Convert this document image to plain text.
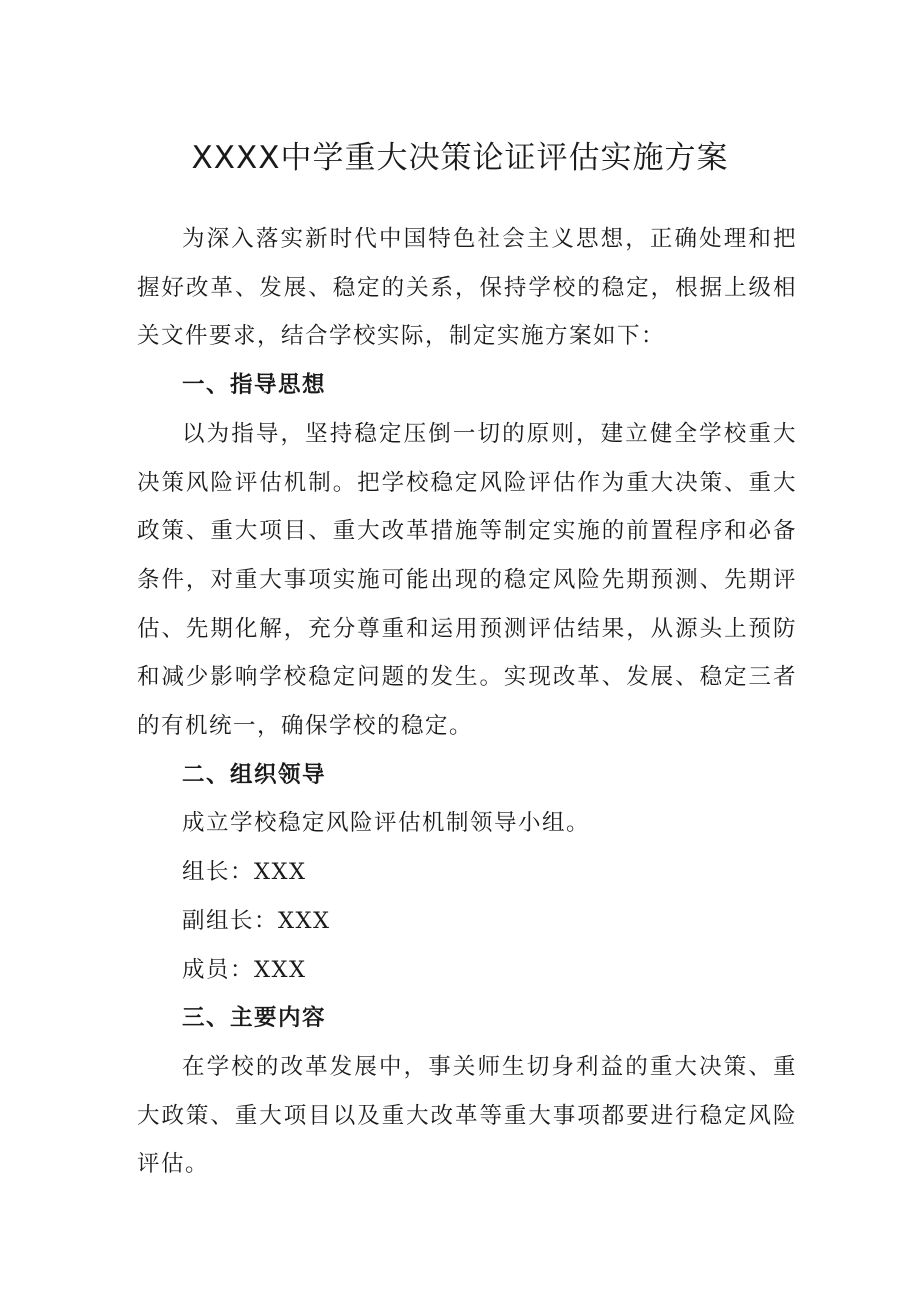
XXXX中学重大决策论证评估实施方案

为深入落实新时代中国特色社会主义思想，正确处理和把握好改革、发展、稳定的关系，保持学校的稳定，根据上级相关文件要求，结合学校实际，制定实施方案如下：

一、指导思想

以为指导，坚持稳定压倒一切的原则，建立健全学校重大决策风险评估机制。把学校稳定风险评估作为重大决策、重大政策、重大项目、重大改革措施等制定实施的前置程序和必备条件，对重大事项实施可能出现的稳定风险先期预测、先期评估、先期化解，充分尊重和运用预测评估结果，从源头上预防和减少影响学校稳定问题的发生。实现改革、发展、稳定三者的有机统一，确保学校的稳定。

二、组织领导

成立学校稳定风险评估机制领导小组。

组长：XXX

副组长：XXX

成员：XXX

三、主要内容

在学校的改革发展中，事关师生切身利益的重大决策、重大政策、重大项目以及重大改革等重大事项都要进行稳定风险评估。
